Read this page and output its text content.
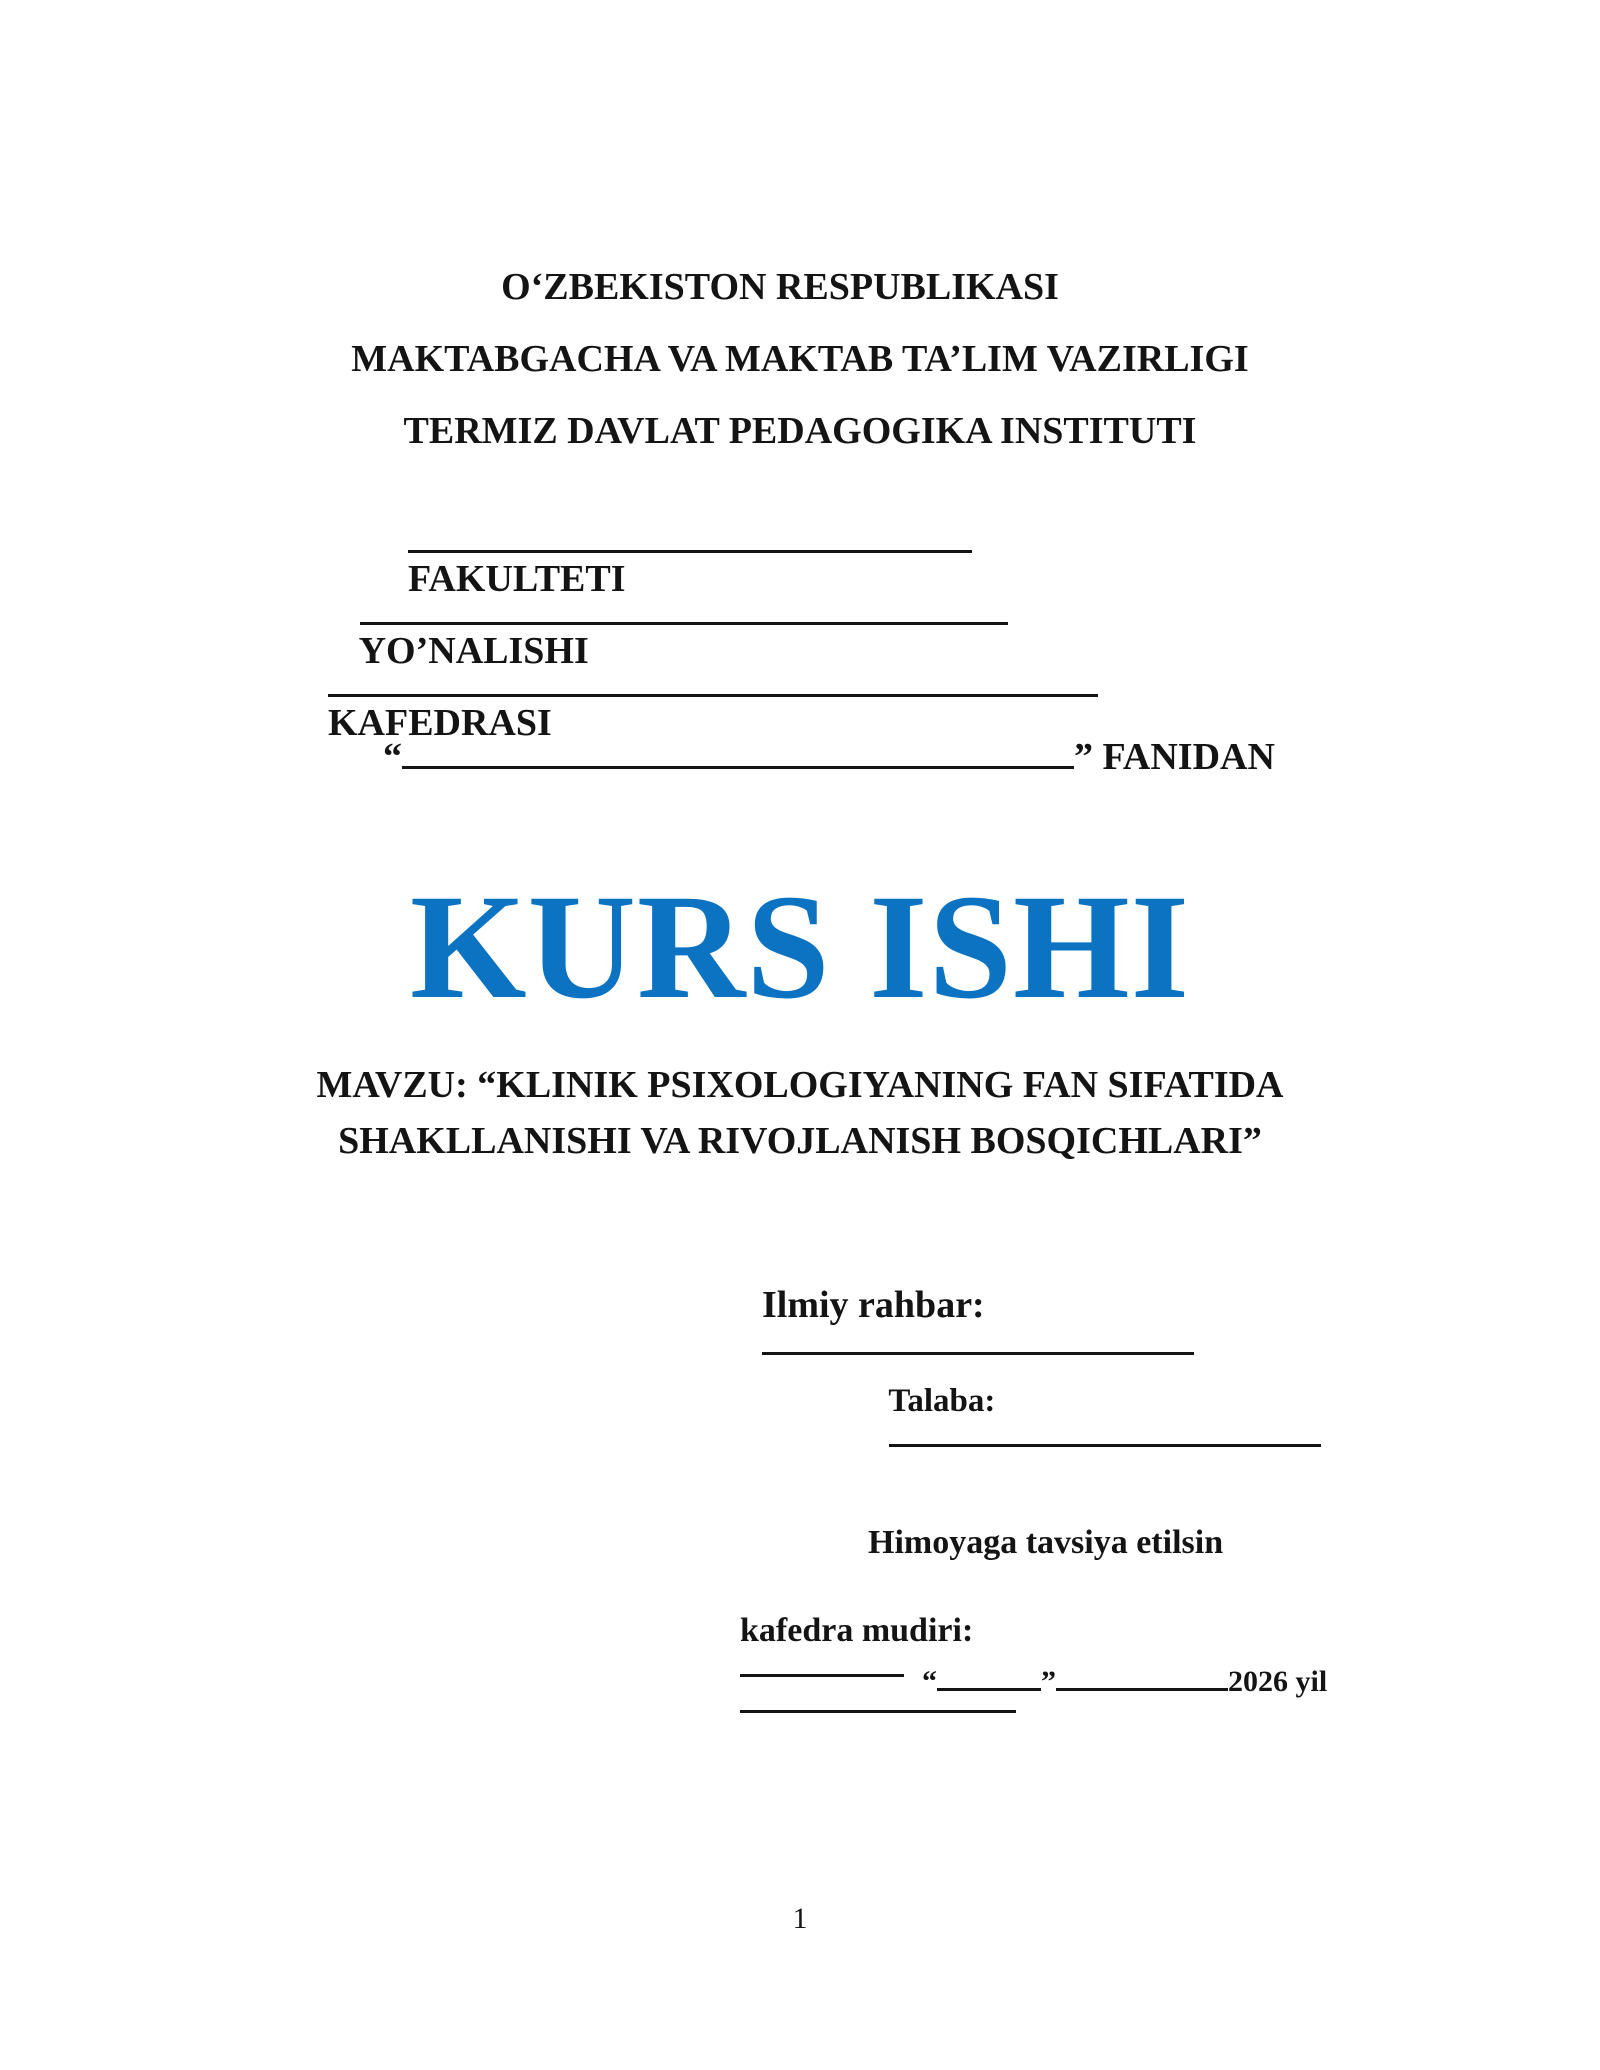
O‘ZBEKISTON RESPUBLIKASI
MAKTABGACHA VA MAKTAB TA’LIM VAZIRLIGI
TERMIZ DAVLAT PEDAGOGIKA INSTITUTI

FAKULTETI

YO’NALISHI

KAFEDRASI

“	” FANIDAN

KURS ISHI
MAVZU: “KLINIK PSIXOLOGIYANING FAN SIFATIDA
SHAKLLANISHI VA RIVOJLANISH BOSQICHLARI”

Ilmiy rahbar:

Talaba:

Himoyaga tavsiya etilsin

kafedra mudiri:

“	”	2026 yil

1
